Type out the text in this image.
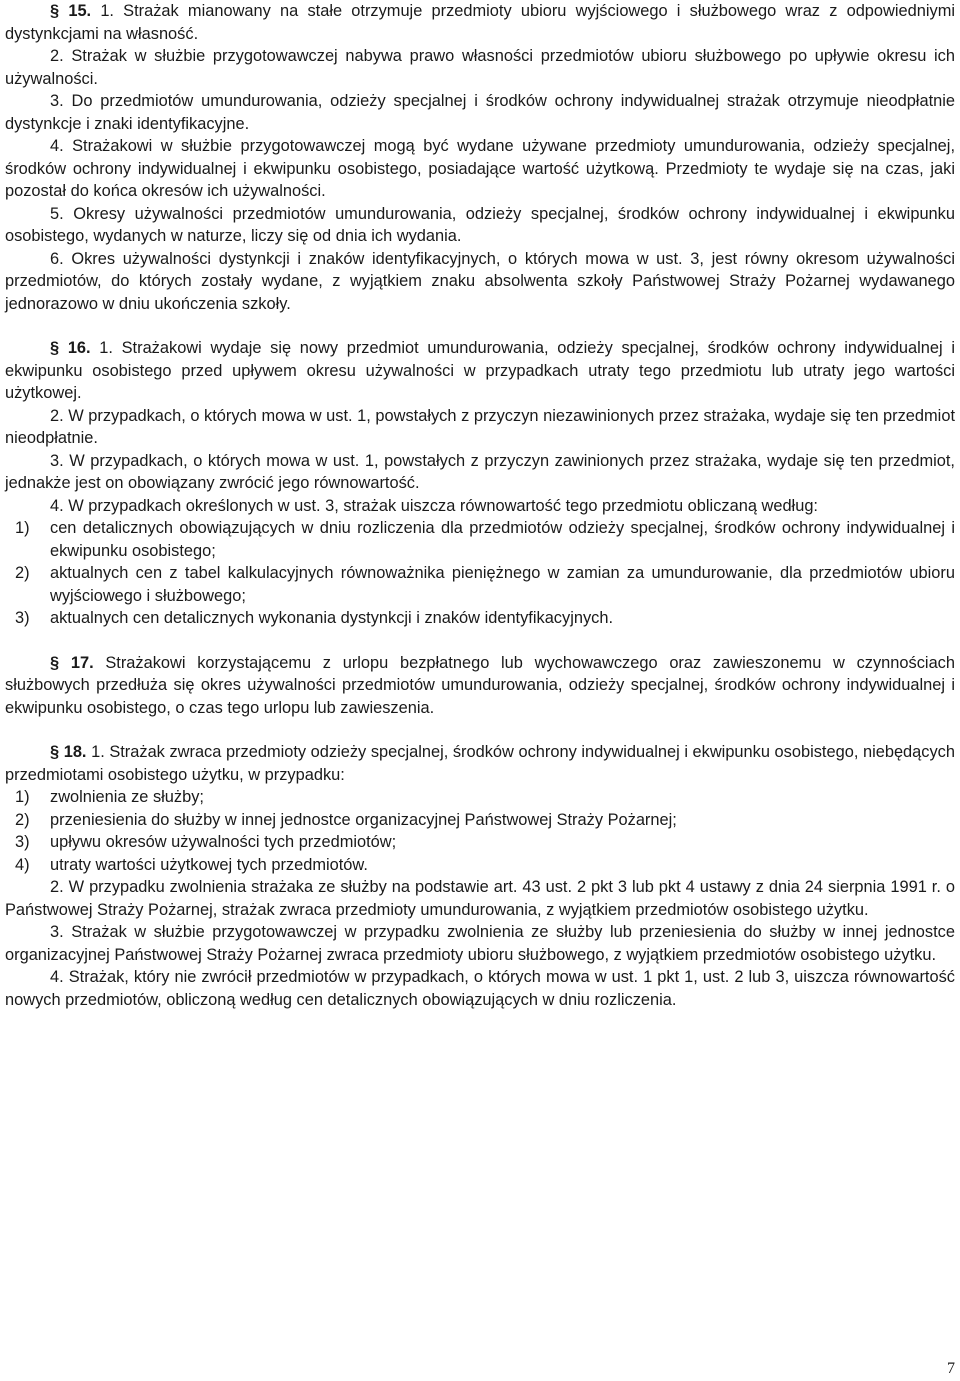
§ 15. 1. Strażak mianowany na stałe otrzymuje przedmioty ubioru wyjściowego i służbowego wraz z odpowiedniymi dystynkcjami na własność.

2. Strażak w służbie przygotowawczej nabywa prawo własności przedmiotów ubioru służbowego po upływie okresu ich używalności.

3. Do przedmiotów umundurowania, odzieży specjalnej i środków ochrony indywidualnej strażak otrzymuje nieodpłatnie dystynkcje i znaki identyfikacyjne.

4. Strażakowi w służbie przygotowawczej mogą być wydane używane przedmioty umundurowania, odzieży specjalnej, środków ochrony indywidualnej i ekwipunku osobistego, posiadające wartość użytkową. Przedmioty te wydaje się na czas, jaki pozostał do końca okresów ich używalności.

5. Okresy używalności przedmiotów umundurowania, odzieży specjalnej, środków ochrony indywidualnej i ekwipunku osobistego, wydanych w naturze, liczy się od dnia ich wydania.

6. Okres używalności dystynkcji i znaków identyfikacyjnych, o których mowa w ust. 3, jest równy okresom używalności przedmiotów, do których zostały wydane, z wyjątkiem znaku absolwenta szkoły Państwowej Straży Pożarnej wydawanego jednorazowo w dniu ukończenia szkoły.

§ 16. 1. Strażakowi wydaje się nowy przedmiot umundurowania, odzieży specjalnej, środków ochrony indywidualnej i ekwipunku osobistego przed upływem okresu używalności w przypadkach utraty tego przedmiotu lub utraty jego wartości użytkowej.

2. W przypadkach, o których mowa w ust. 1, powstałych z przyczyn niezawinionych przez strażaka, wydaje się ten przedmiot nieodpłatnie.

3. W przypadkach, o których mowa w ust. 1, powstałych z przyczyn zawinionych przez strażaka, wydaje się ten przedmiot, jednakże jest on obowiązany zwrócić jego równowartość.

4. W przypadkach określonych w ust. 3, strażak uiszcza równowartość tego przedmiotu obliczaną według:

1)	cen detalicznych obowiązujących w dniu rozliczenia dla przedmiotów odzieży specjalnej, środków ochrony indywidualnej i ekwipunku osobistego;
2)	aktualnych cen z tabel kalkulacyjnych równoważnika pieniężnego w zamian za umundurowanie, dla przedmiotów ubioru wyjściowego i służbowego;
3)	aktualnych cen detalicznych wykonania dystynkcji i znaków identyfikacyjnych.

§ 17. Strażakowi korzystającemu z urlopu bezpłatnego lub wychowawczego oraz zawieszonemu w czynnościach służbowych przedłuża się okres używalności przedmiotów umundurowania, odzieży specjalnej, środków ochrony indywidualnej i ekwipunku osobistego, o czas tego urlopu lub zawieszenia.

§ 18. 1. Strażak zwraca przedmioty odzieży specjalnej, środków ochrony indywidualnej i ekwipunku osobistego, niebędących przedmiotami osobistego użytku, w przypadku:

1)	zwolnienia ze służby;
2)	przeniesienia do służby w innej jednostce organizacyjnej Państwowej Straży Pożarnej;
3)	upływu okresów używalności tych przedmiotów;
4)	utraty wartości użytkowej tych przedmiotów.

2. W przypadku zwolnienia strażaka ze służby na podstawie art. 43 ust. 2 pkt 3 lub pkt 4 ustawy z dnia 24 sierpnia 1991 r. o Państwowej Straży Pożarnej, strażak zwraca przedmioty umundurowania, z wyjątkiem przedmiotów osobistego użytku.

3. Strażak w służbie przygotowawczej w przypadku zwolnienia ze służby lub przeniesienia do służby w innej jednostce organizacyjnej Państwowej Straży Pożarnej zwraca przedmioty ubioru służbowego, z wyjątkiem przedmiotów osobistego użytku.

4. Strażak, który nie zwrócił przedmiotów w przypadkach, o których mowa w ust. 1 pkt 1, ust. 2 lub 3, uiszcza równowartość nowych przedmiotów, obliczoną według cen detalicznych obowiązujących w dniu rozliczenia.

7
